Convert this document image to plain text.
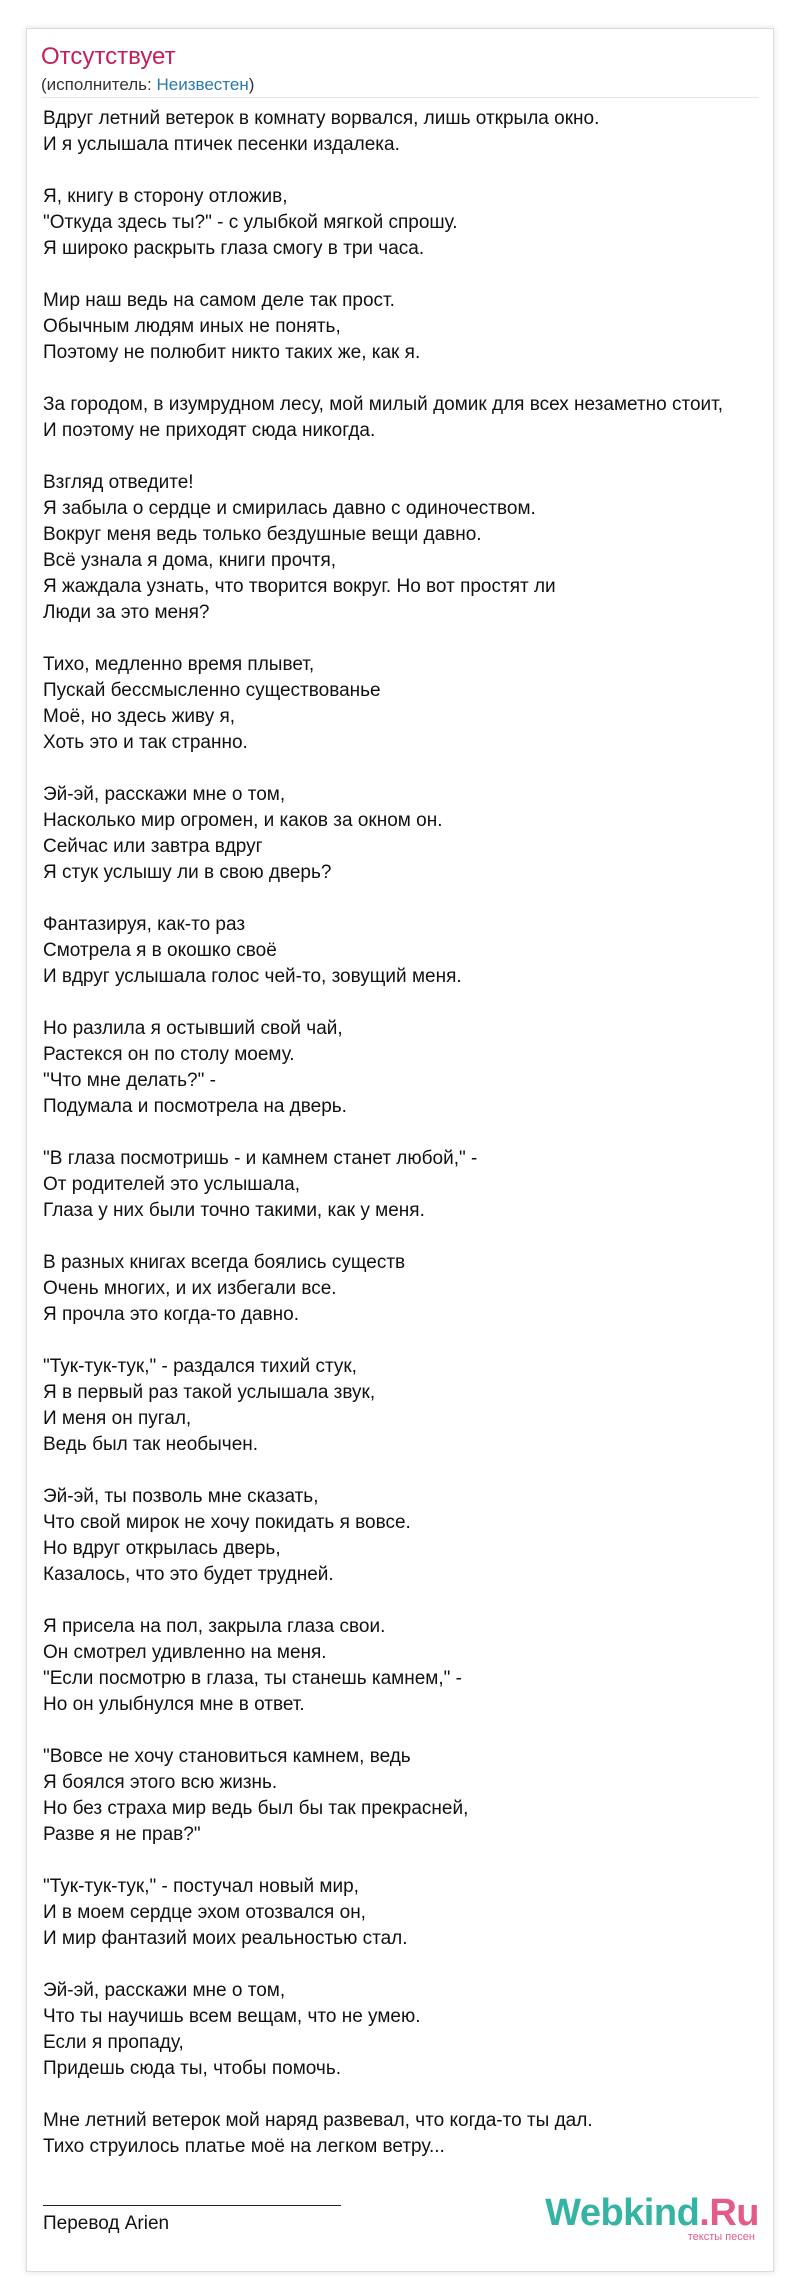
Отсутствует
(исполнитель: Неизвестен)
Вдруг летний ветерок в комнату ворвался, лишь открыла окно.
И я услышала птичек песенки издалека.
Я, книгу в сторону отложив,
"Откуда здесь ты?" - с улыбкой мягкой спрошу.
Я широко раскрыть глаза смогу в три часа.
Мир наш ведь на самом деле так прост.
Обычным людям иных не понять,
Поэтому не полюбит никто таких же, как я.
За городом, в изумрудном лесу, мой милый домик для всех незаметно стоит,
И поэтому не приходят сюда никогда.
Взгляд отведите!
Я забыла о сердце и смирилась давно с одиночеством.
Вокруг меня ведь только бездушные вещи давно.
Всё узнала я дома, книги прочтя,
Я жаждала узнать, что творится вокруг. Но вот простят ли
Люди за это меня?
Тихо, медленно время плывет,
Пускай бессмысленно существованье
Моё, но здесь живу я,
Хоть это и так странно.
Эй-эй, расскажи мне о том,
Насколько мир огромен, и каков за окном он.
Сейчас или завтра вдруг
Я стук услышу ли в свою дверь?
Фантазируя, как-то раз
Смотрела я в окошко своё
И вдруг услышала голос чей-то, зовущий меня.
Но разлила я остывший свой чай,
Растекся он по столу моему.
"Что мне делать?" -
Подумала и посмотрела на дверь.
"В глаза посмотришь - и камнем станет любой," -
От родителей это услышала,
Глаза у них были точно такими, как у меня.
В разных книгах всегда боялись существ
Очень многих, и их избегали все.
Я прочла это когда-то давно.
"Тук-тук-тук," - раздался тихий стук,
Я в первый раз такой услышала звук,
И меня он пугал,
Ведь был так необычен.
Эй-эй, ты позволь мне сказать,
Что свой мирок не хочу покидать я вовсе.
Но вдруг открылась дверь,
Казалось, что это будет трудней.
Я присела на пол, закрыла глаза свои.
Он смотрел удивленно на меня.
"Если посмотрю в глаза, ты станешь камнем," -
Но он улыбнулся мне в ответ.
"Вовсе не хочу становиться камнем, ведь
Я боялся этого всю жизнь.
Но без страха мир ведь был бы так прекрасней,
Разве я не прав?"
"Тук-тук-тук," - постучал новый мир,
И в моем сердце эхом отозвался он,
И мир фантазий моих реальностью стал.
Эй-эй, расскажи мне о том,
Что ты научишь всем вещам, что не умею.
Если я пропаду,
Придешь сюда ты, чтобы помочь.
Мне летний ветерок мой наряд развевал, что когда-то ты дал.
Тихо струилось платье моё на легком ветру...
Перевод Arien	Webkind.Ru
тексты песен
